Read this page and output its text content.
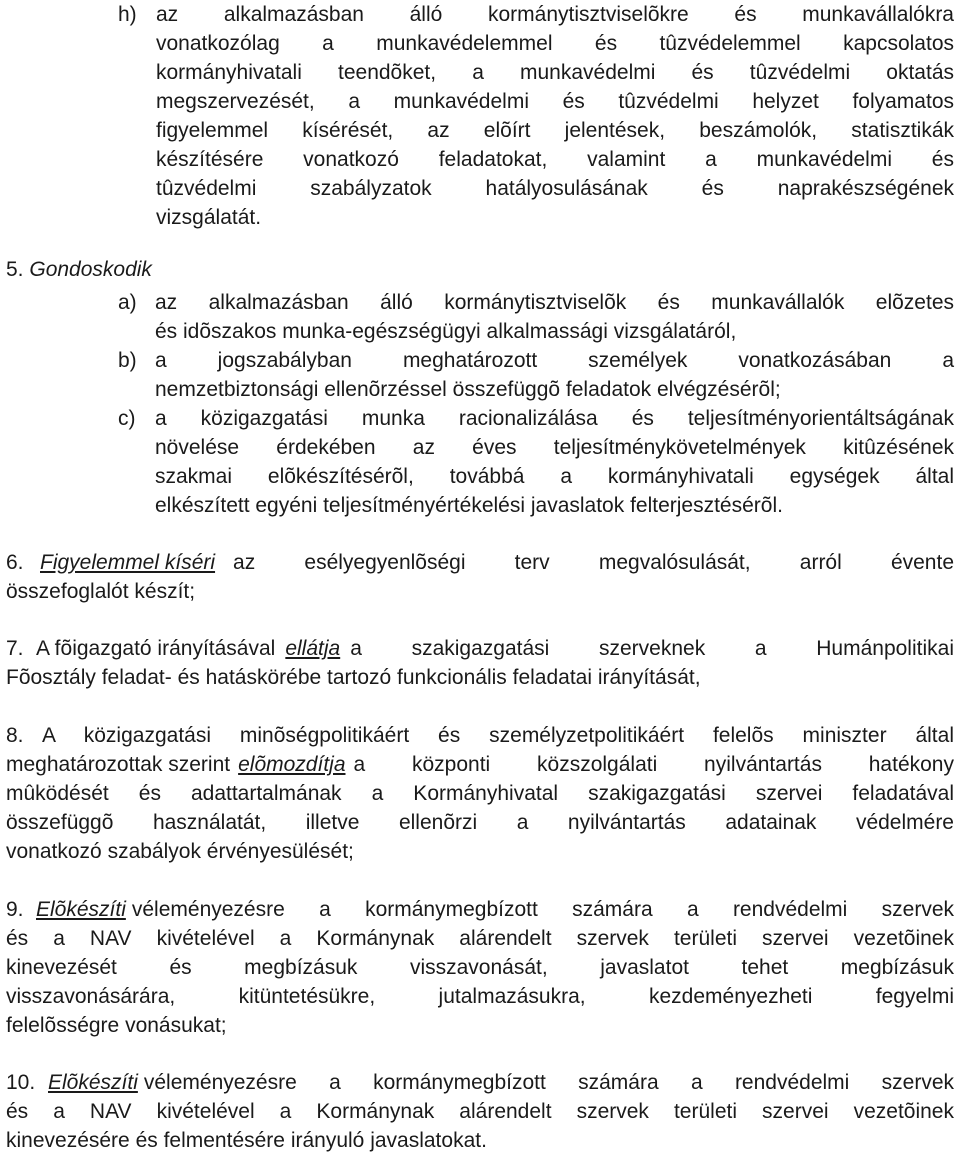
h) az alkalmazásban álló kormánytisztviselõkre és munkavállalókra
vonatkozólag a munkavédelemmel és tûzvédelemmel kapcsolatos
kormányhivatali teendõket, a munkavédelmi és tûzvédelmi oktatás
megszervezését, a munkavédelmi és tûzvédelmi helyzet folyamatos
figyelemmel kísérését, az elõírt jelentések, beszámolók, statisztikák
készítésére vonatkozó feladatokat, valamint a munkavédelmi és
tûzvédelmi szabályzatok hatályosulásának és naprakészségének
vizsgálatát.
5. Gondoskodik
a) az alkalmazásban álló kormánytisztviselõk és munkavállalók elõzetes
és idõszakos munka-egészségügyi alkalmassági vizsgálatáról,
b) a jogszabályban meghatározott személyek vonatkozásában a
nemzetbiztonsági ellenõrzéssel összefüggõ feladatok elvégzésérõl;
c) a közigazgatási munka racionalizálása és teljesítményorientáltságának
növelése érdekében az éves teljesítménykövetelmények kitûzésének
szakmai elõkészítésérõl, továbbá a kormányhivatali egységek által
elkészített egyéni teljesítményértékelési javaslatok felterjesztésérõl.
6. Figyelemmel kíséri az esélyegyenlõségi terv megvalósulását, arról évente
összefoglalót készít;
7. A fõigazgató irányításával ellátja a szakigazgatási szerveknek a Humánpolitikai
Fõosztály feladat- és hatáskörébe tartozó funkcionális feladatai irányítását,
8. A közigazgatási minõségpolitikáért és személyzetpolitikáért felelõs miniszter által
meghatározottak szerint elõmozdítja a központi közszolgálati nyilvántartás hatékony
mûködését és adattartalmának a Kormányhivatal szakigazgatási szervei feladatával
összefüggõ használatát, illetve ellenõrzi a nyilvántartás adatainak védelmére
vonatkozó szabályok érvényesülését;
9. Elõkészíti véleményezésre a kormánymegbízott számára a rendvédelmi szervek
és a NAV kivételével a Kormánynak alárendelt szervek területi szervei vezetõinek
kinevezését és megbízásuk visszavonását, javaslatot tehet megbízásuk
visszavonásárára, kitüntetésükre, jutalmazásukra, kezdeményezheti fegyelmi
felelõsségre vonásukat;
10. Elõkészíti véleményezésre a kormánymegbízott számára a rendvédelmi szervek
és a NAV kivételével a Kormánynak alárendelt szervek területi szervei vezetõinek
kinevezésére és felmentésére irányuló javaslatokat.
